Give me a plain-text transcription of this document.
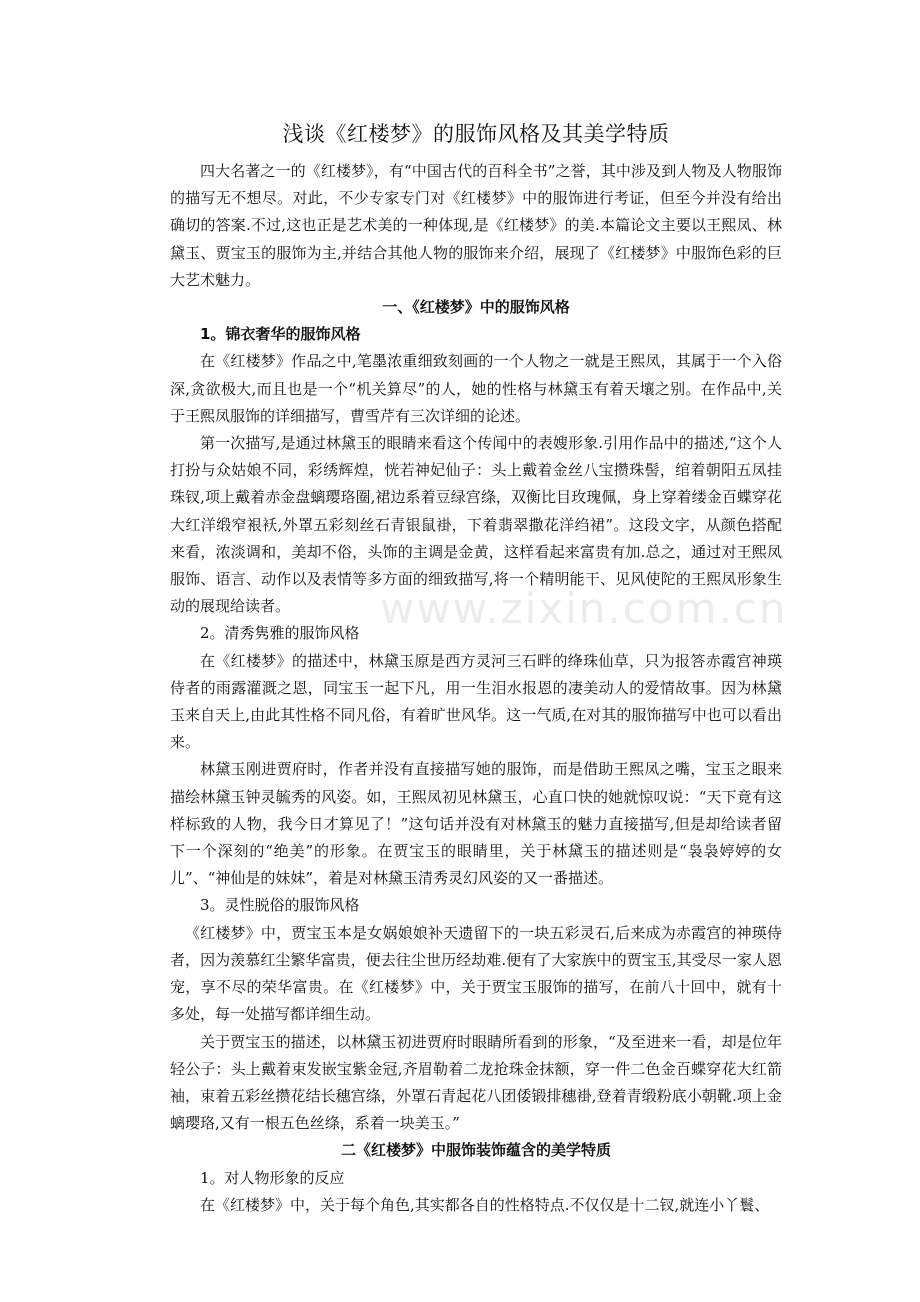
www.zixin.com.cn
浅谈《红楼梦》的服饰风格及其美学特质

四大名著之一的《红楼梦》，有“中国古代的百科全书”之誉，其中涉及到人物及人物服饰的描写无不想尽。对此，不少专家专门对《红楼梦》中的服饰进行考证，但至今并没有给出确切的答案.不过,这也正是艺术美的一种体现,是《红楼梦》的美.本篇论文主要以王熙凤、林黛玉、贾宝玉的服饰为主,并结合其他人物的服饰来介绍，展现了《红楼梦》中服饰色彩的巨大艺术魅力。

一、《红楼梦》中的服饰风格
1。锦衣奢华的服饰风格

在《红楼梦》作品之中,笔墨浓重细致刻画的一个人物之一就是王熙凤，其属于一个入俗深,贪欲极大,而且也是一个“机关算尽”的人，她的性格与林黛玉有着天壤之别。在作品中,关于王熙凤服饰的详细描写，曹雪芹有三次详细的论述。

第一次描写,是通过林黛玉的眼睛来看这个传闻中的表嫂形象.引用作品中的描述,“这个人打扮与众姑娘不同，彩绣辉煌，恍若神妃仙子：头上戴着金丝八宝攒珠髻，绾着朝阳五凤挂珠钗,项上戴着赤金盘螭璎珞圈,裙边系着豆绿宫绦，双衡比目玫瑰佩，身上穿着缕金百蝶穿花大红洋缎窄裉袄,外罩五彩刻丝石青银鼠褂，下着翡翠撒花洋绉裙”。这段文字，从颜色搭配来看，浓淡调和，美却不俗，头饰的主调是金黄，这样看起来富贵有加.总之，通过对王熙凤服饰、语言、动作以及表情等多方面的细致描写,将一个精明能干、见风使陀的王熙凤形象生动的展现给读者。

2。清秀隽雅的服饰风格

在《红楼梦》的描述中，林黛玉原是西方灵河三石畔的绛珠仙草，只为报答赤霞宫神瑛侍者的雨露灌溉之恩，同宝玉一起下凡，用一生泪水报恩的凄美动人的爱情故事。因为林黛玉来自天上,由此其性格不同凡俗，有着旷世风华。这一气质,在对其的服饰描写中也可以看出来。

林黛玉刚进贾府时，作者并没有直接描写她的服饰，而是借助王熙凤之嘴，宝玉之眼来描绘林黛玉钟灵毓秀的风姿。如，王熙凤初见林黛玉，心直口快的她就惊叹说：“天下竟有这样标致的人物，我今日才算见了！”这句话并没有对林黛玉的魅力直接描写,但是却给读者留下一个深刻的“绝美”的形象。在贾宝玉的眼睛里，关于林黛玉的描述则是“袅袅婷婷的女儿”、“神仙是的妹妹”，着是对林黛玉清秀灵幻风姿的又一番描述。

3。灵性脱俗的服饰风格

《红楼梦》中，贾宝玉本是女娲娘娘补天遗留下的一块五彩灵石,后来成为赤霞宫的神瑛侍者，因为羡慕红尘繁华富贵，便去往尘世历经劫难.便有了大家族中的贾宝玉,其受尽一家人恩宠，享不尽的荣华富贵。在《红楼梦》中，关于贾宝玉服饰的描写，在前八十回中，就有十多处，每一处描写都详细生动。

关于贾宝玉的描述，以林黛玉初进贾府时眼睛所看到的形象，“及至进来一看，却是位年轻公子：头上戴着束发嵌宝紫金冠,齐眉勒着二龙抢珠金抹额，穿一件二色金百蝶穿花大红箭袖，束着五彩丝攒花结长穗宫绦，外罩石青起花八团倭锻排穗褂,登着青缎粉底小朝靴.项上金螭璎珞,又有一根五色丝绦，系着一块美玉。”

二《红楼梦》中服饰装饰蕴含的美学特质
1。对人物形象的反应

在《红楼梦》中，关于每个角色,其实都各自的性格特点.不仅仅是十二钗,就连小丫鬟、
